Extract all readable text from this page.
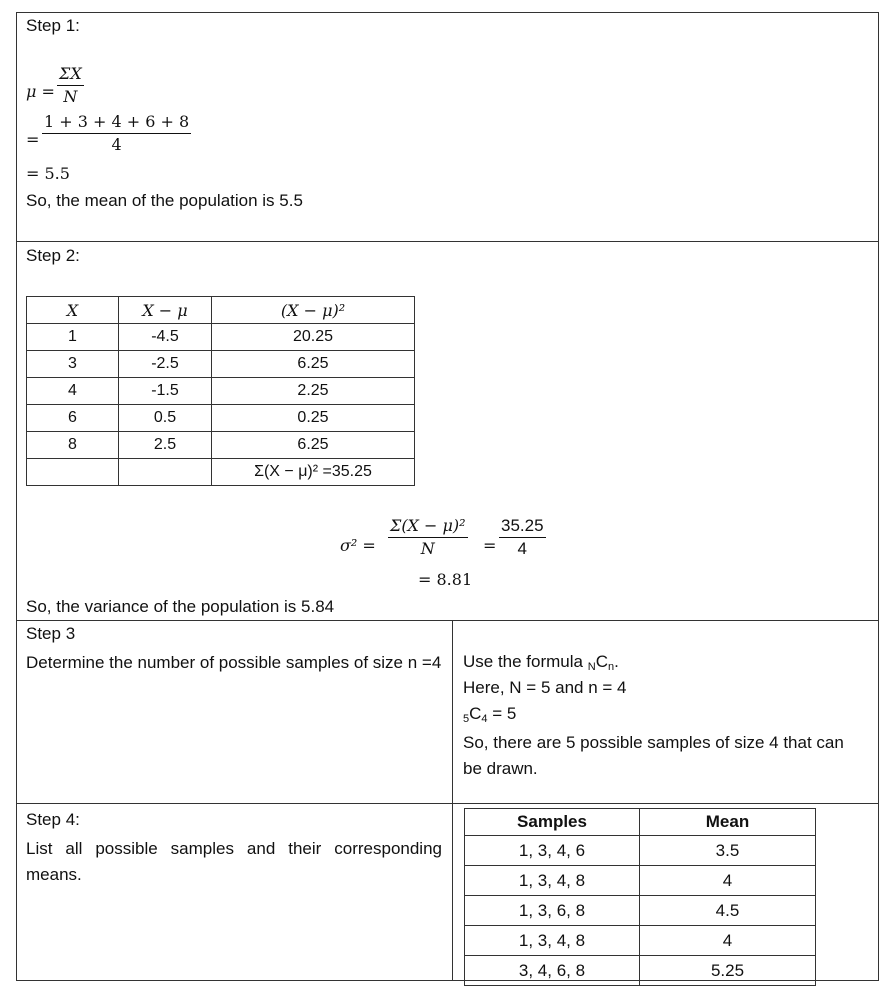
Step 1:
$\mu = \frac{\Sigma X}{N}$
= $\frac{1 + 3 + 4 + 6 + 8}{4}$
= 5.5
So, the mean of the population is 5.5
Step 2:
X	X − μ	(X − μ)²
1	-4.5	20.25
3	-2.5	6.25
4	-1.5	2.25
6	0.5	0.25
8	2.5	6.25
		Σ(X − μ)² =35.25
$\sigma^2 = \frac{\text{Σ(X − μ)²}}{N} = \frac{35.25}{4}$
= 8.81
So, the variance of the population is 5.84
Step 3
Determine the number of possible samples of size n =4 Use the formula $_NC_n$.
Here, N = 5 and n = 4
$_5C_4 = 5$
So, there are 5 possible samples of size 4 that can be drawn.
Step 4:
List all possible samples and their corresponding means.
Samples	Mean
1, 3, 4, 6	3.5
1, 3, 4, 8	4
1, 3, 6, 8	4.5
1, 3, 4, 8	4
3, 4, 6, 8	5.25
